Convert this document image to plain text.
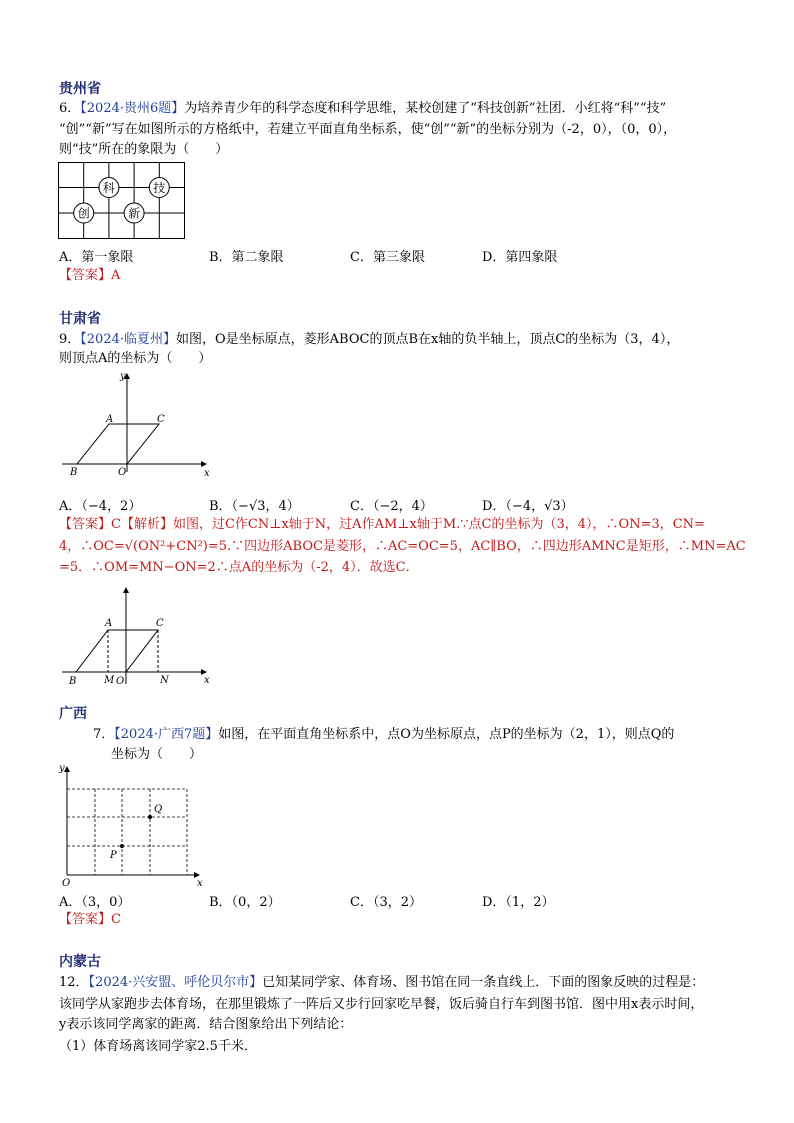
贵州省
6．【2024·贵州6题】为培养青少年的科学态度和科学思维，某校创建了“科技创新”社团．小红将“科”“技”
“创”“新”写在如图所示的方格纸中，若建立平面直角坐标系，使“创”“新”的坐标分别为（-2，0），（0，0），
则“技”所在的象限为（　　）
科	技
创	新
A．第一象限	B．第二象限	C．第三象限	D．第四象限
【答案】A
甘肃省
9．【2024·临夏州】如图，O是坐标原点，菱形ABOC的顶点B在x轴的负半轴上，顶点C的坐标为（3，4），
则顶点A的坐标为（　　）
y
x
A	C
B	O
A．（−4，2）	B．（−√3，4）	C．（−2，4）	D．（−4，√3）
【答案】C【解析】如图，过C作CN⊥x轴于N，过A作AM⊥x轴于M.∵点C的坐标为（3，4），∴ON=3，CN=
4，∴OC=√(ON²+CN²)=5.∵四边形ABOC是菱形，∴AC=OC=5，AC∥BO，∴四边形AMNC是矩形，∴MN=AC
=5．∴OM=MN−ON=2∴点A的坐标为（-2，4）．故选C．
A	C
B	M O	N	x
广西
7．【2024·广西7题】如图，在平面直角坐标系中，点O为坐标原点，点P的坐标为（2，1），则点Q的
坐标为（　　）
y
x
O
P
Q
A．（3，0）	B．（0，2）	C．（3，2）	D．（1，2）
【答案】C
内蒙古
12．【2024·兴安盟、呼伦贝尔市】已知某同学家、体育场、图书馆在同一条直线上．下面的图象反映的过程是：
该同学从家跑步去体育场，在那里锻炼了一阵后又步行回家吃早餐，饭后骑自行车到图书馆．图中用x表示时间，
y表示该同学离家的距离．结合图象给出下列结论：
（1）体育场离该同学家2.5千米．
